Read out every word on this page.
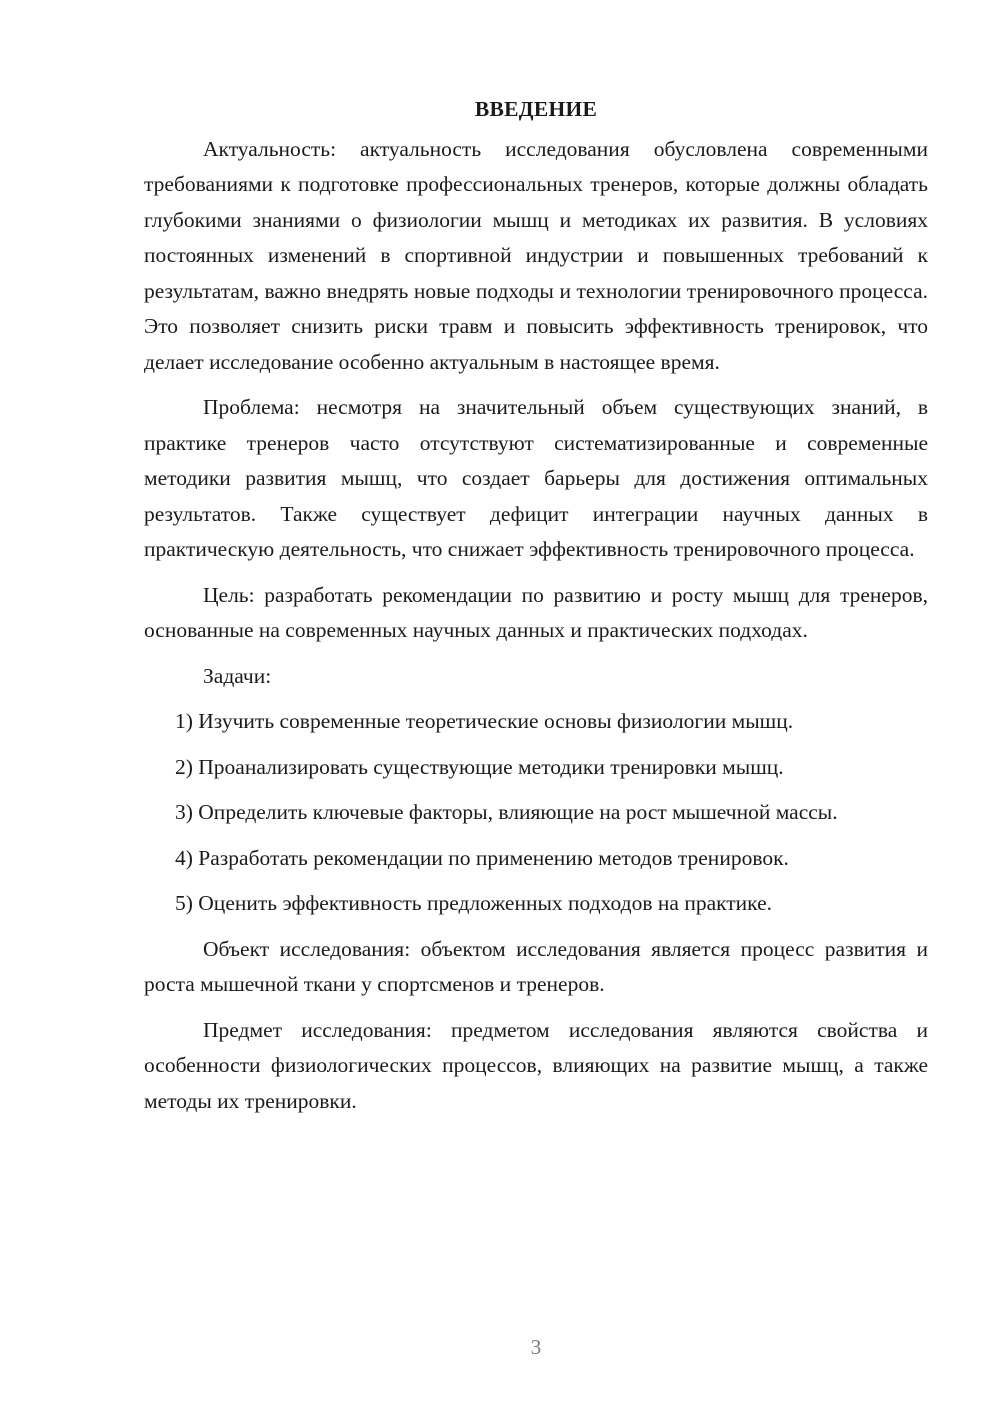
ВВЕДЕНИЕ

Актуальность: актуальность исследования обусловлена современными требованиями к подготовке профессиональных тренеров, которые должны обладать глубокими знаниями о физиологии мышц и методиках их развития. В условиях постоянных изменений в спортивной индустрии и повышенных требований к результатам, важно внедрять новые подходы и технологии тренировочного процесса. Это позволяет снизить риски травм и повысить эффективность тренировок, что делает исследование особенно актуальным в настоящее время.

Проблема: несмотря на значительный объем существующих знаний, в практике тренеров часто отсутствуют систематизированные и современные методики развития мышц, что создает барьеры для достижения оптимальных результатов. Также существует дефицит интеграции научных данных в практическую деятельность, что снижает эффективность тренировочного процесса.

Цель: разработать рекомендации по развитию и росту мышц для тренеров, основанные на современных научных данных и практических подходах.

Задачи:

1) Изучить современные теоретические основы физиологии мышц.

2) Проанализировать существующие методики тренировки мышц.

3) Определить ключевые факторы, влияющие на рост мышечной массы.

4) Разработать рекомендации по применению методов тренировок.

5) Оценить эффективность предложенных подходов на практике.

Объект исследования: объектом исследования является процесс развития и роста мышечной ткани у спортсменов и тренеров.

Предмет исследования: предметом исследования являются свойства и особенности физиологических процессов, влияющих на развитие мышц, а также методы их тренировки.

3
